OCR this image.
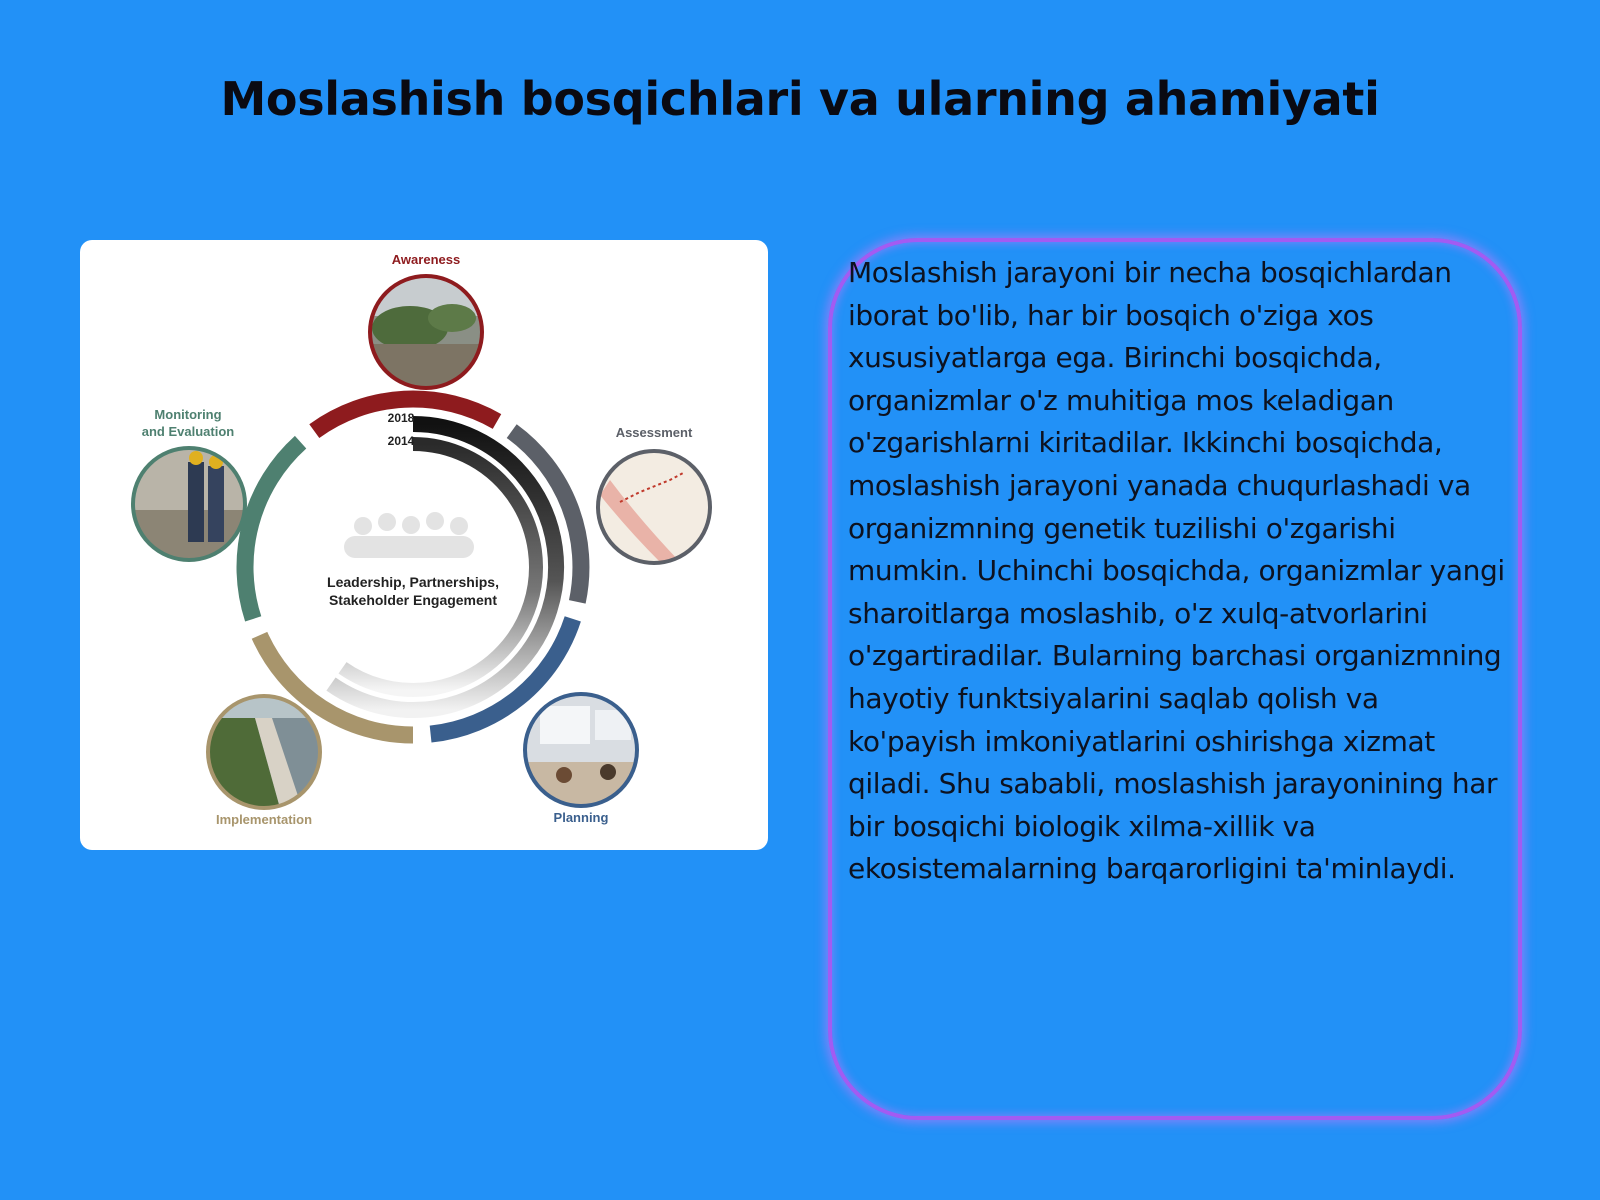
Moslashish bosqichlari va ularning ahamiyati
2018
2014
Leadership, Partnerships,
Stakeholder Engagement
Awareness
Assessment
Planning
Implementation
Monitoring
and Evaluation

Moslashish jarayoni bir necha bosqichlardan iborat bo'lib, har bir bosqich o'ziga xos xususiyatlarga ega. Birinchi bosqichda, organizmlar o'z muhitiga mos keladigan o'zgarishlarni kiritadilar. Ikkinchi bosqichda, moslashish jarayoni yanada chuqurlashadi va organizmning genetik tuzilishi o'zgarishi mumkin. Uchinchi bosqichda, organizmlar yangi sharoitlarga moslashib, o'z xulq-atvorlarini o'zgartiradilar. Bularning barchasi organizmning hayotiy funktsiyalarini saqlab qolish va ko'payish imkoniyatlarini oshirishga xizmat qiladi. Shu sababli, moslashish jarayonining har bir bosqichi biologik xilma-xillik va ekosistemalarning barqarorligini ta'minlaydi.
